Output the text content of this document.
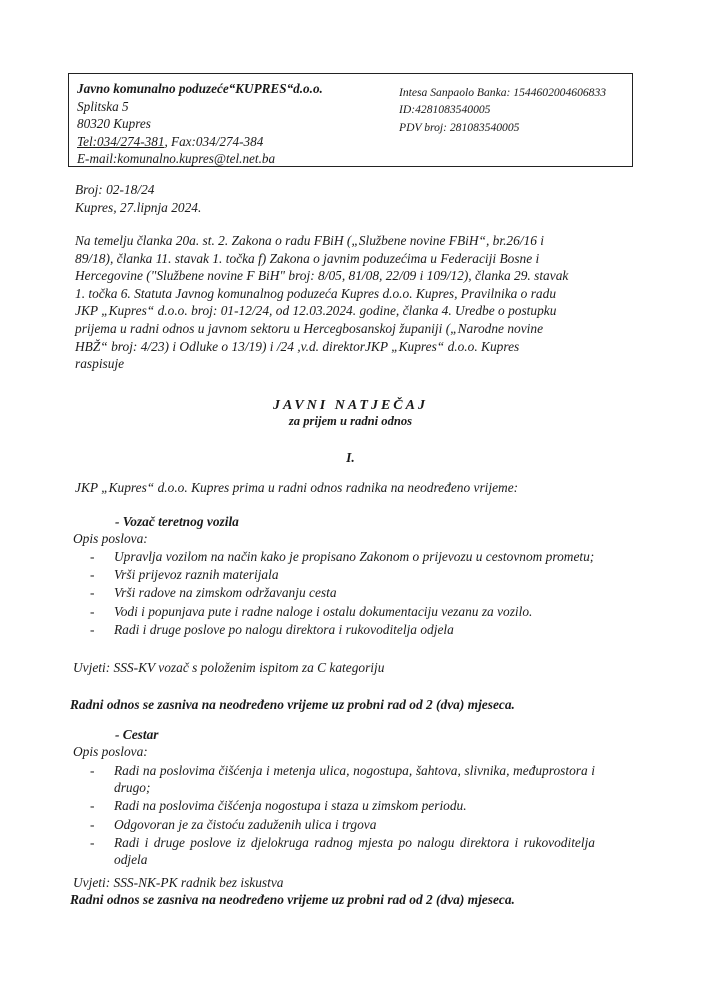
Javno komunalno poduzeće“KUPRES“d.o.o.
Splitska 5
80320 Kupres
Tel:034/274-381, Fax:034/274-384
E-mail:komunalno.kupres@tel.net.ba
Intesa Sanpaolo Banka: 1544602004606833
ID:4281083540005
PDV broj: 281083540005
Broj: 02-18/24
Kupres, 27.lipnja 2024.
Na temelju članka 20a. st. 2. Zakona o radu FBiH („Službene novine FBiH“, br.26/16 i
89/18), članka 11. stavak 1. točka f) Zakona o javnim poduzećima u Federaciji Bosne i
Hercegovine ("Službene novine F BiH" broj: 8/05, 81/08, 22/09 i 109/12), članka 29. stavak
1. točka 6. Statuta Javnog komunalnog poduzeća Kupres d.o.o. Kupres, Pravilnika o radu
JKP „Kupres“ d.o.o. broj: 01-12/24, od 12.03.2024. godine, članka 4. Uredbe o postupku
prijema u radni odnos u javnom sektoru u Hercegbosanskoj županiji („Narodne novine
HBŽ“ broj: 4/23) i Odluke o 13/19) i /24 ,v.d. direktorJKP „Kupres“ d.o.o. Kupres
raspisuje
JAVNI NATJEČAJ
za prijem u radni odnos
I.
JKP „Kupres“ d.o.o. Kupres prima u radni odnos radnika na neodređeno vrijeme:
- Vozač teretnog vozila
Opis poslova:
- Upravlja vozilom na način kako je propisano Zakonom o prijevozu u cestovnom prometu;
- Vrši prijevoz raznih materijala
- Vrši radove na zimskom održavanju cesta
- Vodi i popunjava pute i radne naloge i ostalu dokumentaciju vezanu za vozilo.
- Radi i druge poslove po nalogu direktora i rukovoditelja odjela
Uvjeti: SSS-KV vozač s položenim ispitom za C kategoriju
Radni odnos se zasniva na neodređeno vrijeme uz probni rad od 2 (dva) mjeseca.
- Cestar
Opis poslova:
- Radi na poslovima čišćenja i metenja ulica, nogostupa, šahtova, slivnika, međuprostora i drugo;
- Radi na poslovima čišćenja nogostupa i staza u zimskom periodu.
- Odgovoran je za čistoću zaduženih ulica i trgova
- Radi i druge poslove iz djelokruga radnog mjesta po nalogu direktora i rukovoditelja odjela
Uvjeti: SSS-NK-PK radnik bez iskustva
Radni odnos se zasniva na neodređeno vrijeme uz probni rad od 2 (dva) mjeseca.
